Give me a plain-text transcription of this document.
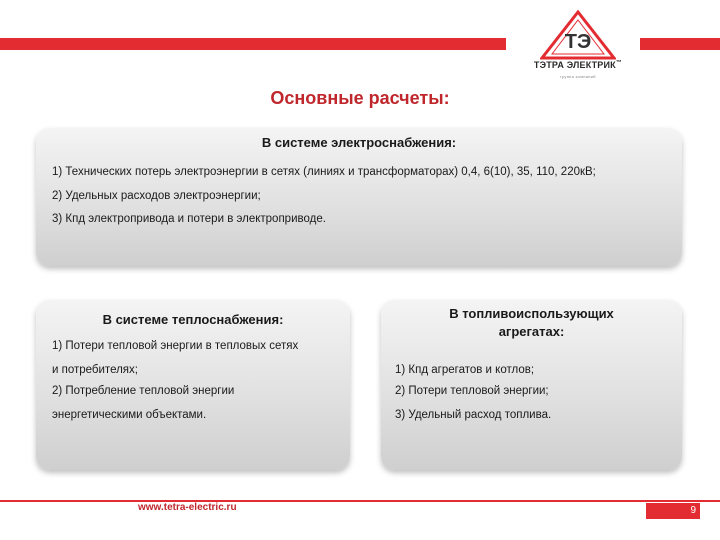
ТЭ
ТЭТРА ЭЛЕКТРИК™
группа компаний
Основные расчеты:
В системе электроснабжения:
1) Технических потерь электроэнергии в сетях (линиях и трансформаторах) 0,4, 6(10), 35, 110, 220кВ;
2) Удельных расходов электроэнергии;
3) Кпд электропривода и потери в электроприводе.
В системе теплоснабжения:
1) Потери тепловой энергии в тепловых сетях
и потребителях;
2) Потребление тепловой энергии
энергетическими объектами.
В топливоиспользующих
агрегатах:
1) Кпд агрегатов и котлов;
2) Потери тепловой энергии;
3) Удельный расход топлива.
www.tetra-electric.ru	9
